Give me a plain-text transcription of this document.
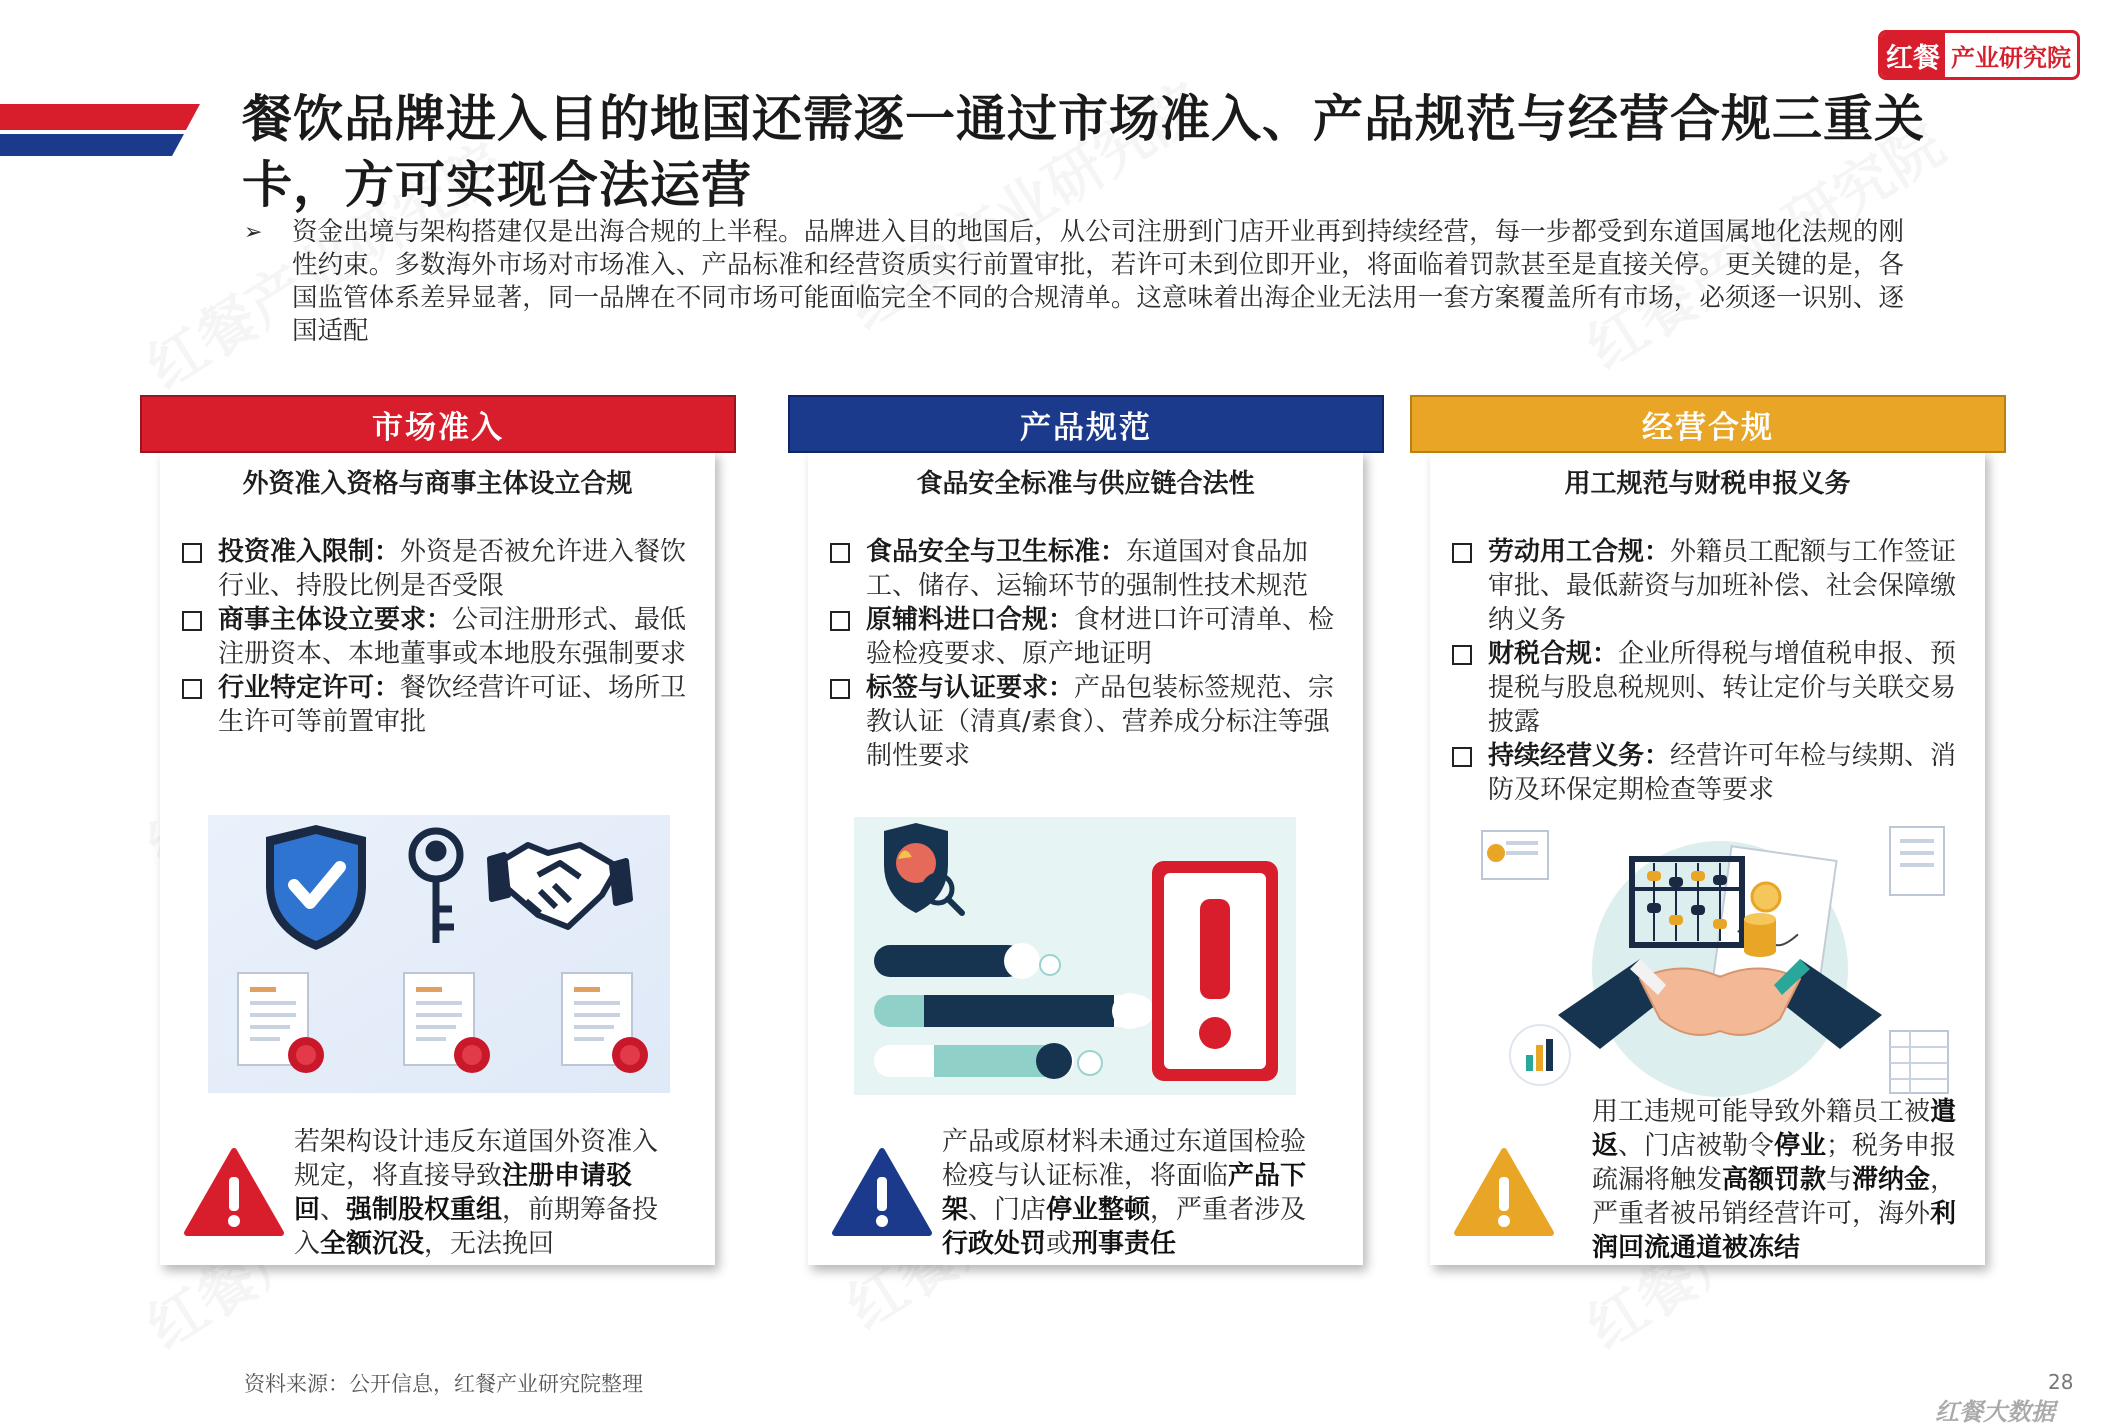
餐饮品牌进入目的地国还需逐一通过市场准入、产品规范与经营合规三重关卡，方可实现合法运营
红餐 产业研究院
➢ 资金出境与架构搭建仅是出海合规的上半程。品牌进入目的地国后，从公司注册到门店开业再到持续经营，每一步都受到东道国属地化法规的刚性约束。多数海外市场对市场准入、产品标准和经营资质实行前置审批，若许可未到位即开业，将面临着罚款甚至是直接关停。更关键的是，各国监管体系差异显著，同一品牌在不同市场可能面临完全不同的合规清单。这意味着出海企业无法用一套方案覆盖所有市场，必须逐一识别、逐国适配
市场准入
外资准入资格与商事主体设立合规
投资准入限制：外资是否被允许进入餐饮行业、持股比例是否受限
商事主体设立要求：公司注册形式、最低注册资本、本地董事或本地股东强制要求
行业特定许可：餐饮经营许可证、场所卫生许可等前置审批
若架构设计违反东道国外资准入规定，将直接导致注册申请驳回、强制股权重组，前期筹备投入全额沉没，无法挽回
产品规范
食品安全标准与供应链合法性
食品安全与卫生标准：东道国对食品加工、储存、运输环节的强制性技术规范
原辅料进口合规：食材进口许可清单、检验检疫要求、原产地证明
标签与认证要求：产品包装标签规范、宗教认证（清真/素食）、营养成分标注等强制性要求
产品或原材料未通过东道国检验检疫与认证标准，将面临产品下架、门店停业整顿，严重者涉及行政处罚或刑事责任
经营合规
用工规范与财税申报义务
劳动用工合规：外籍员工配额与工作签证审批、最低薪资与加班补偿、社会保障缴纳义务
财税合规：企业所得税与增值税申报、预提税与股息税规则、转让定价与关联交易披露
持续经营义务：经营许可年检与续期、消防及环保定期检查等要求
用工违规可能导致外籍员工被遣返、门店被勒令停业；税务申报疏漏将触发高额罚款与滞纳金，严重者被吊销经营许可，海外利润回流通道被冻结
资料来源：公开信息，红餐产业研究院整理	28
红餐大数据
